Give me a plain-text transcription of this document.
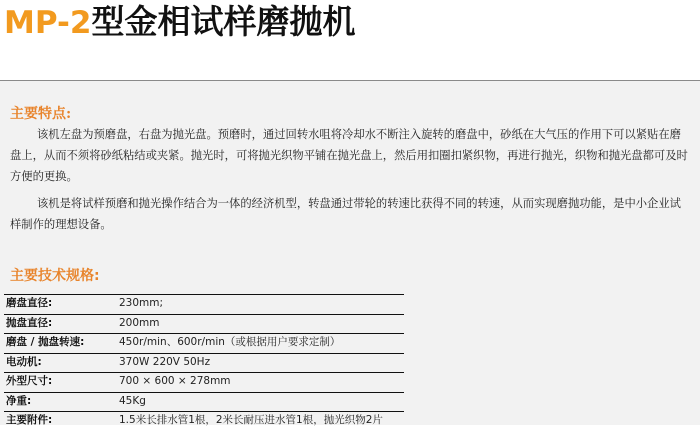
MP-2型金相试样磨抛机
主要特点:

该机左盘为预磨盘，右盘为抛光盘。预磨时，通过回转水咀将冷却水不断注入旋转的磨盘中，砂纸在大气压的作用下可以紧贴在磨盘上，从而不须将砂纸粘结或夹紧。抛光时，可将抛光织物平铺在抛光盘上，然后用扣圈扣紧织物，再进行抛光，织物和抛光盘都可及时方便的更换。

该机是将试样预磨和抛光操作结合为一体的经济机型，转盘通过带轮的转速比获得不同的转速，从而实现磨抛功能，是中小企业试样制作的理想设备。

主要技术规格:
磨盘直径:	230mm;
抛盘直径:	200mm
磨盘 / 抛盘转速:	450r/min、600r/min（或根据用户要求定制）
电动机:	370W 220V 50Hz
外型尺寸:	700 × 600 × 278mm
净重:	45Kg
主要附件:	1.5米长排水管1根，2米长耐压进水管1根，抛光织物2片
